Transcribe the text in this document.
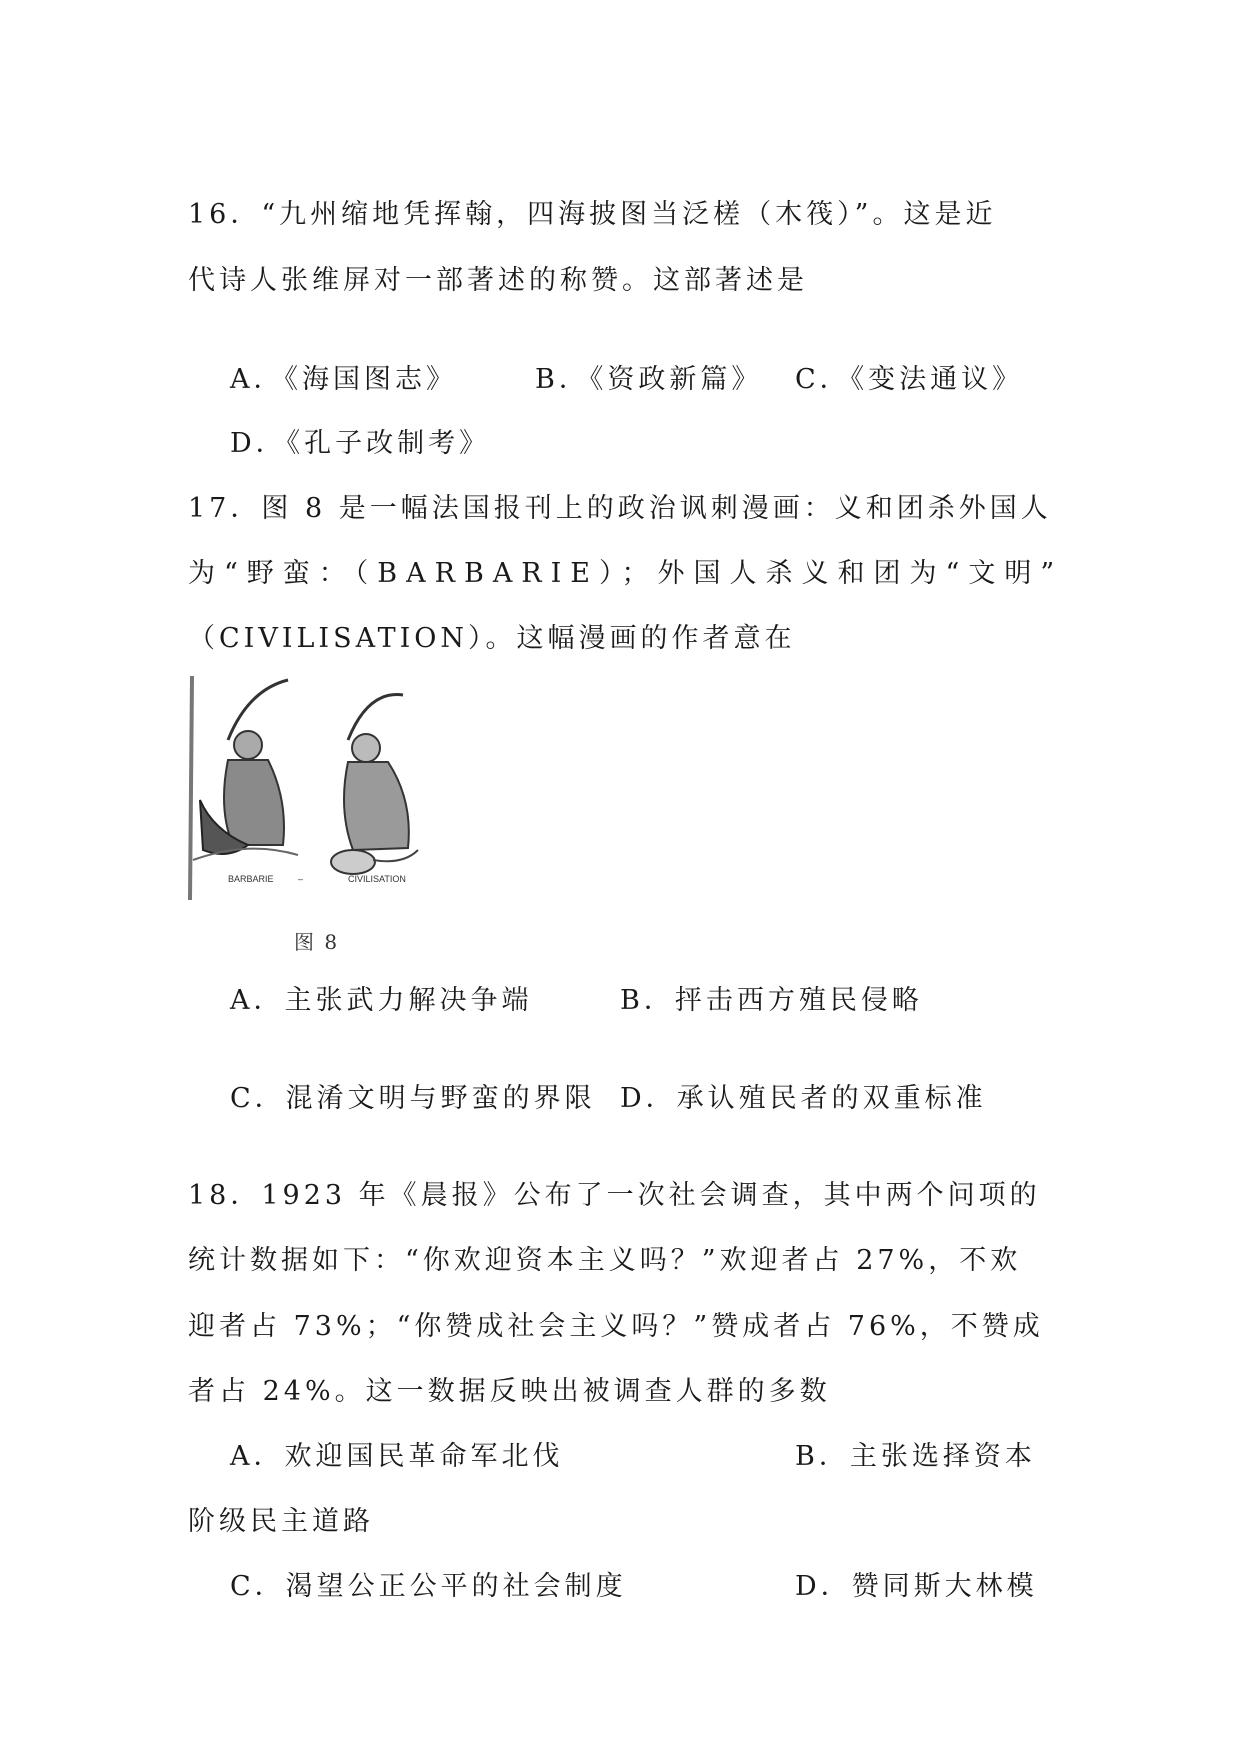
16．“九州缩地凭挥翰，四海披图当泛槎（木筏）”。这是近
代诗人张维屏对一部著述的称赞。这部著述是
A．《海国图志》	B．《资政新篇》 C．《变法通议》
D．《孔子改制考》
17．图 8 是一幅法国报刊上的政治讽刺漫画：义和团杀外国人
为“野蛮：（BARBARIE）；外国人杀义和团为“文明”
（CIVILISATION）。这幅漫画的作者意在
BARBARIE	–	CIVILISATION
图 8
A．主张武力解决争端	B．抨击西方殖民侵略
C．混淆文明与野蛮的界限 D．承认殖民者的双重标准
18．1923 年《晨报》公布了一次社会调查，其中两个问项的
统计数据如下：“你欢迎资本主义吗？”欢迎者占 27%，不欢
迎者占 73%；“你赞成社会主义吗？”赞成者占 76%，不赞成
者占 24%。这一数据反映出被调查人群的多数
A．欢迎国民革命军北伐	B．主张选择资本
阶级民主道路
C．渴望公正公平的社会制度	D．赞同斯大林模
